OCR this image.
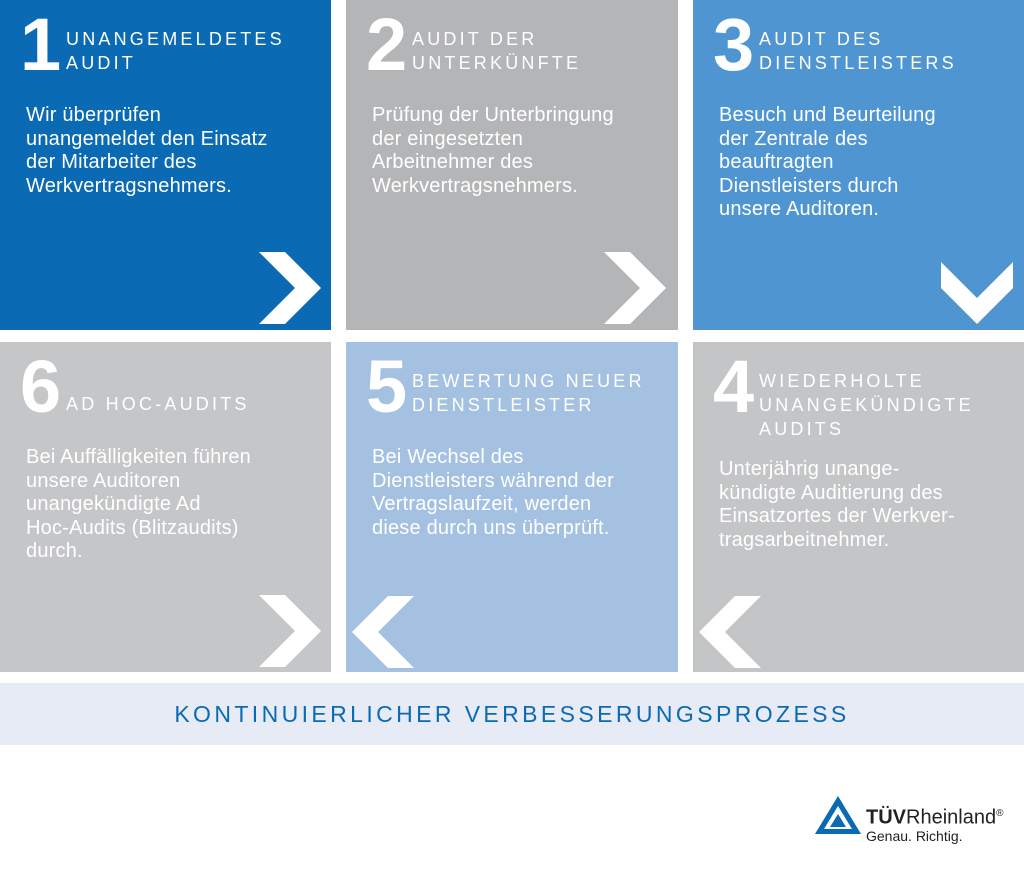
1 UNANGEMELDETES
AUDIT
Wir überprüfen
unangemeldet den Einsatz
der Mitarbeiter des
Werkvertragsnehmers.
2 AUDIT DER
UNTERKÜNFTE
Prüfung der Unterbringung
der eingesetzten
Arbeitnehmer des
Werkvertragsnehmers.
3 AUDIT DES
DIENSTLEISTERS
Besuch und Beurteilung
der Zentrale des
beauftragten
Dienstleisters durch
unsere Auditoren.
6 AD HOC-AUDITS
Bei Auffälligkeiten führen
unsere Auditoren
unangekündigte Ad
Hoc-Audits (Blitzaudits)
durch.
5 BEWERTUNG NEUER
DIENSTLEISTER
Bei Wechsel des
Dienstleisters während der
Vertragslaufzeit, werden
diese durch uns überprüft.
4 WIEDERHOLTE
UNANGEKÜNDIGTE
AUDITS
Unterjährig unange-
kündigte Auditierung des
Einsatzortes der Werkver-
tragsarbeitnehmer.
KONTINUIERLICHER VERBESSERUNGSPROZESS
TÜVRheinland®
Genau. Richtig.
